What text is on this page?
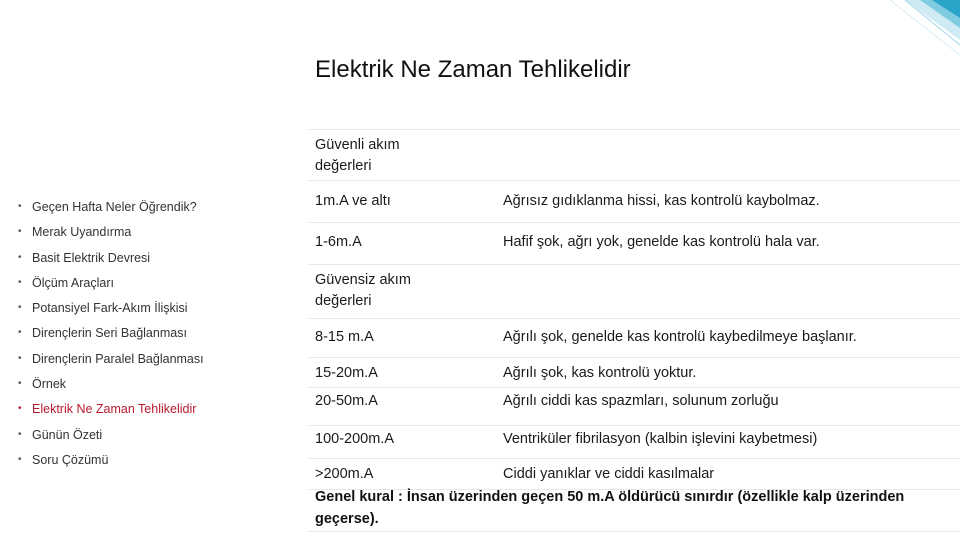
Elektrik Ne Zaman Tehlikelidir
• Geçen Hafta Neler Öğrendik?
• Merak Uyandırma
• Basit Elektrik Devresi
• Ölçüm Araçları
• Potansiyel Fark-Akım İlişkisi
• Dirençlerin Seri Bağlanması
• Dirençlerin Paralel Bağlanması
• Örnek
• Elektrik Ne Zaman Tehlikelidir
• Günün Özeti
• Soru Çözümü
Güvenli akım değerleri
1m.A ve altı	Ağrısız gıdıklanma hissi, kas kontrolü kaybolmaz.
1-6m.A	Hafif şok, ağrı yok, genelde kas kontrolü hala var.
Güvensiz akım değerleri
8-15 m.A	Ağrılı şok, genelde kas kontrolü kaybedilmeye başlanır.
15-20m.A	Ağrılı şok, kas kontrolü yoktur.
20-50m.A	Ağrılı ciddi kas spazmları, solunum zorluğu
100-200m.A	Ventriküler fibrilasyon (kalbin işlevini kaybetmesi)
>200m.A	Ciddi yanıklar ve ciddi kasılmalar
Genel kural : İnsan üzerinden geçen 50 m.A öldürücü sınırdır (özellikle kalp üzerinden geçerse).
